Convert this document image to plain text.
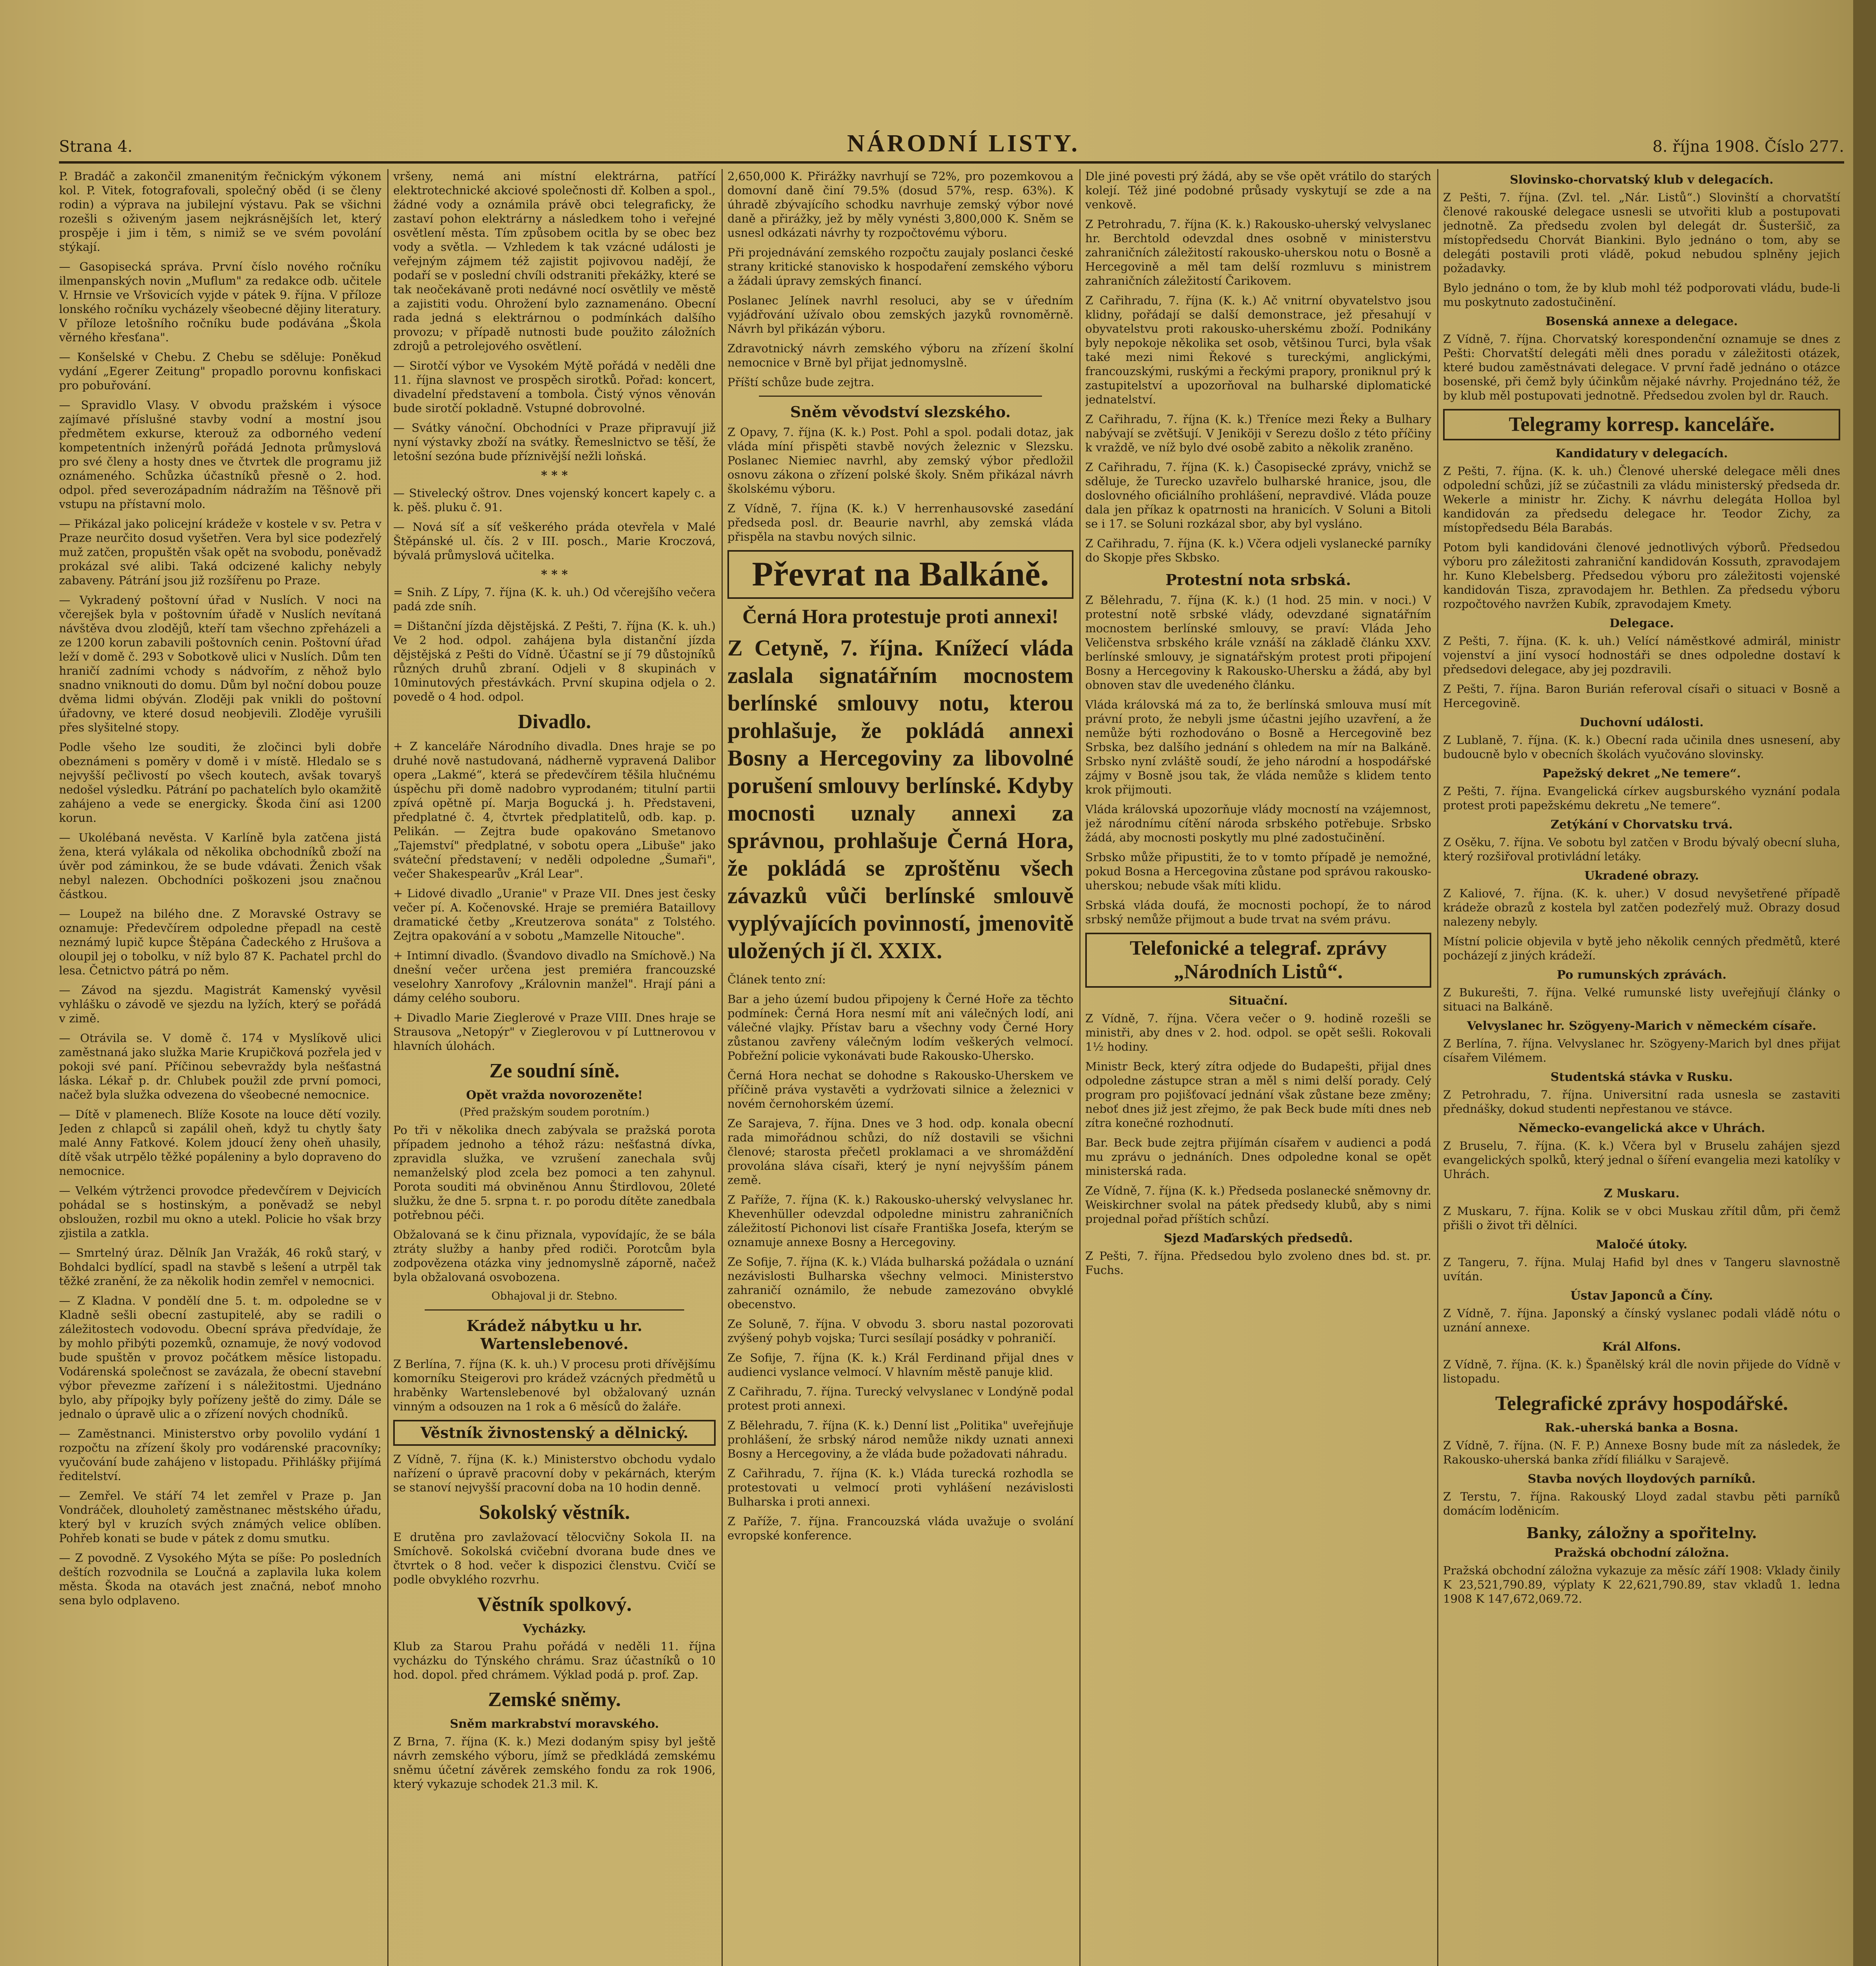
Strana 4.	NÁRODNÍ LISTY.	8. října 1908. Číslo 277.

P. Bradáč a zakončil zmanenitým řečnickým výkonem kol. P. Vitek, fotografovali, společný oběd (i se členy rodin) a výprava na jubilejní výstavu. Pak se všichni rozešli s oživeným jasem nejkrásnějších let, který prospěje i jim i těm, s nimiž se ve svém povolání stýkají.

— Gasopisecká správa. První číslo nového ročníku ilmenpanských novin „Muflum" za redakce odb. učitele V. Hrnsie ve Vršovicích vyjde v pátek 9. října. V příloze lonského ročníku vycházely všeobecné dějiny literatury. V příloze letošního ročníku bude podávána „Škola věrného křesťana".

— Konšelské v Chebu. Z Chebu se sděluje: Poněkud vydání „Egerer Zeitung" propadlo porovnu konfiskaci pro pobuřování.

— Spravidlo Vlasy. V obvodu pražském i výsoce zajímavé příslušné stavby vodní a mostní jsou předmětem exkurse, kterouž za odborného vedení kompetentních inženýrů pořádá Jednota průmyslová pro své členy a hosty dnes ve čtvrtek dle programu již oznámeného. Schůzka účastníků přesně o 2. hod. odpol. před severozápadním nádražím na Těšnově při vstupu na přístavní molo.

— Přikázal jako policejní krádeže v kostele v sv. Petra v Praze neurčito dosud vyšetřen. Vera byl sice podezřelý muž zatčen, propuštěn však opět na svobodu, poněvadž prokázal své alibi. Taká odcizené kalichy nebyly zabaveny. Pátrání jsou již rozšířenu po Praze.

— Vykradený poštovní úřad v Nuslích. V noci na včerejšek byla v poštovním úřadě v Nuslích nevítaná návštěva dvou zlodějů, kteří tam všechno zpřeházeli a ze 1200 korun zabavili poštovních cenin. Poštovní úřad leží v domě č. 293 v Sobotkově ulici v Nuslích. Dům ten hraničí zadními vchody s nádvořím, z něhož bylo snadno vniknouti do domu. Dům byl noční dobou pouze dvěma lidmi obýván. Zloději pak vnikli do poštovní úřadovny, ve které dosud neobjevili. Zloděje vyrušili přes slyšitelné stopy.

Podle všeho lze souditi, že zločinci byli dobře obeznámeni s poměry v domě i v místě. Hledalo se s nejvyšší pečlivostí po všech koutech, avšak tovaryš nedošel výsledku. Pátrání po pachatelích bylo okamžitě zahájeno a vede se energicky. Škoda činí asi 1200 korun.

— Ukolébaná nevěsta. V Karlíně byla zatčena jistá žena, která vylákala od několika obchodníků zboží na úvěr pod záminkou, že se bude vdávati. Ženich však nebyl nalezen. Obchodníci poškozeni jsou značnou částkou.

— Loupež na bilého dne. Z Moravské Ostravy se oznamuje: Předevčírem odpoledne přepadl na cestě neznámý lupič kupce Štěpána Čadeckého z Hrušova a oloupil jej o tobolku, v níž bylo 87 K. Pachatel prchl do lesa. Četnictvo pátrá po něm.

— Závod na sjezdu. Magistrát Kamenský vyvěsil vyhlášku o závodě ve sjezdu na lyžích, který se pořádá v zimě.

— Otrávila se. V domě č. 174 v Myslíkově ulici zaměstnaná jako služka Marie Krupičková pozřela jed v pokoji své paní. Příčinou sebevraždy byla nešťastná láska. Lékař p. dr. Chlubek použil zde první pomoci, načež byla služka odvezena do všeobecné nemocnice.

— Dítě v plamenech. Blíže Kosote na louce dětí vozily. Jeden z chlapců si zapálil oheň, když tu chytly šaty malé Anny Fatkové. Kolem jdoucí ženy oheň uhasily, dítě však utrpělo těžké popáleniny a bylo dopraveno do nemocnice.

— Velkém výtrženci provodce předevčírem v Dejvicích pohádal se s hostinským, a poněvadž se nebyl obsloužen, rozbil mu okno a utekl. Policie ho však brzy zjistila a zatkla.

— Smrtelný úraz. Dělník Jan Vražák, 46 roků starý, v Bohdalci bydlící, spadl na stavbě s lešení a utrpěl tak těžké zranění, že za několik hodin zemřel v nemocnici.

— Z Kladna. V pondělí dne 5. t. m. odpoledne se v Kladně sešli obecní zastupitelé, aby se radili o záležitostech vodovodu. Obecní správa předvídaje, že by mohlo přibýti pozemků, oznamuje, že nový vodovod bude spuštěn v provoz počátkem měsíce listopadu. Vodárenská společnost se zavázala, že obecní stavební výbor převezme zařízení i s náležitostmi. Ujednáno bylo, aby přípojky byly pořízeny ještě do zimy. Dále se jednalo o úpravě ulic a o zřízení nových chodníků.

— Zaměstnanci. Ministerstvo orby povolilo vydání 1 rozpočtu na zřízení školy pro vodárenské pracovníky; vyučování bude zahájeno v listopadu. Přihlášky přijímá ředitelství.

— Zemřel. Ve stáří 74 let zemřel v Praze p. Jan Vondráček, dlouholetý zaměstnanec městského úřadu, který byl v kruzích svých známých velice oblíben. Pohřeb konati se bude v pátek z domu smutku.

— Z povodně. Z Vysokého Mýta se píše: Po posledních deštích rozvodnila se Loučná a zaplavila luka kolem města. Škoda na otavách jest značná, neboť mnoho sena bylo odplaveno.

vršeny, nemá ani místní elektrárna, patřící elektrotechnické akciové společnosti dř. Kolben a spol., žádné vody a oznámila právě obci telegraficky, že zastaví pohon elektrárny a následkem toho i veřejné osvětlení města. Tím způsobem ocitla by se obec bez vody a světla. — Vzhledem k tak vzácné události je veřejným zájmem též zajistit pojivovou nadějí, že podaří se v poslední chvíli odstraniti překážky, které se tak neočekávaně proti nedávné nocí osvětlily ve městě a zajistiti vodu. Ohrožení bylo zaznamenáno. Obecní rada jedná s elektrárnou o podmínkách dalšího provozu; v případě nutnosti bude použito záložních zdrojů a petrolejového osvětlení.

— Sirotčí výbor ve Vysokém Mýtě pořádá v neděli dne 11. října slavnost ve prospěch sirotků. Pořad: koncert, divadelní představení a tombola. Čistý výnos věnován bude sirotčí pokladně. Vstupné dobrovolné.

— Svátky vánoční. Obchodníci v Praze připravují již nyní výstavky zboží na svátky. Řemeslnictvo se těší, že letošní sezóna bude příznivější nežli loňská.

* * *

— Stivelecký oštrov. Dnes vojenský koncert kapely c. a k. pěš. pluku č. 91.

— Nová síť a síť veškerého práda otevřela v Malé Štěpánské ul. čís. 2 v III. posch., Marie Kroczová, bývalá průmyslová učitelka.

* * *

= Snih. Z Lípy, 7. října (K. k. uh.) Od včerejšího večera padá zde sníh.

= Dištanční jízda dějstějská. Z Pešti, 7. října (K. k. uh.) Ve 2 hod. odpol. zahájena byla distanční jízda dějstějská z Pešti do Vídně. Účastní se jí 79 důstojníků různých druhů zbraní. Odjeli v 8 skupinách v 10minutových přestávkách. První skupina odjela o 2. povedě o 4 hod. odpol.

Divadlo.

+ Z kanceláře Národního divadla. Dnes hraje se po druhé nově nastudovaná, nádherně vypravená Dalibor opera „Lakmé“, která se předevčírem těšila hlučnému úspěchu při domě nadobro vyprodaném; titulní partii zpívá opětně pí. Marja Bogucká j. h. Představeni, předplatné č. 4, čtvrtek předplatitelů, odb. kap. p. Pelikán. — Zejtra bude opakováno Smetanovo „Tajemství" předplatné, v sobotu opera „Libuše" jako sváteční představení; v neděli odpoledne „Šumaři", večer Shakespearův „Král Lear".

+ Lidové divadlo „Uranie" v Praze VII. Dnes jest česky večer pí. A. Kočenovské. Hraje se premiéra Bataillovy dramatické četby „Kreutzerova sonáta" z Tolstého. Zejtra opakování a v sobotu „Mamzelle Nitouche".

+ Intimní divadlo. (Švandovo divadlo na Smíchově.) Na dnešní večer určena jest premiéra francouzské veselohry Xanrofovy „Královnin manžel". Hrají páni a dámy celého souboru.

+ Divadlo Marie Zieglerové v Praze VIII. Dnes hraje se Strausova „Netopýr" v Zieglerovou v pí Luttnerovou v hlavních úlohách.

Ze soudní síně.
Opět vražda novorozeněte!
(Před pražským soudem porotním.)

Po tři v několika dnech zabývala se pražská porota případem jednoho a téhož rázu: nešťastná dívka, zpravidla služka, ve vzrušení zanechala svůj nemanželský plod zcela bez pomoci a ten zahynul. Porota souditi má obviněnou Annu Štirdlovou, 20leté služku, že dne 5. srpna t. r. po porodu dítěte zanedbala potřebnou péči.

Obžalovaná se k činu přiznala, vypovídajíc, že se bála ztráty služby a hanby před rodiči. Porotcům byla zodpovězena otázka viny jednomyslně záporně, načež byla obžalovaná osvobozena.

Obhajoval ji dr. Stebno.
Krádež nábytku u hr. Wartenslebenové.

Z Berlína, 7. října (K. k. uh.) V procesu proti dřívějšímu komorníku Steigerovi pro krádež vzácných předmětů u hraběnky Wartenslebenové byl obžalovaný uznán vinným a odsouzen na 1 rok a 6 měsíců do žaláře.

Věstník živnostenský a dělnický.

Z Vídně, 7. října (K. k.) Ministerstvo obchodu vydalo nařízení o úpravě pracovní doby v pekárnách, kterým se stanoví nejvyšší pracovní doba na 10 hodin denně.

Sokolský věstník.

E drutěna pro zavlažovací tělocvičny Sokola II. na Smíchově. Sokolská cvičební dvorana bude dnes ve čtvrtek o 8 hod. večer k dispozici členstvu. Cvičí se podle obvyklého rozvrhu.

Věstník spolkový.
Vycházky.

Klub za Starou Prahu pořádá v neděli 11. října vycházku do Týnského chrámu. Sraz účastníků o 10 hod. dopol. před chrámem. Výklad podá p. prof. Zap.

Zemské sněmy.
Sněm markrabství moravského.

Z Brna, 7. října (K. k.) Mezi dodaným spisy byl ještě návrh zemského výboru, jímž se předkládá zemskému sněmu účetní závěrek zemského fondu za rok 1906, který vykazuje schodek 21.3 mil. K.

2,650,000 K. Přirážky navrhují se 72%, pro pozemkovou a domovní daně činí 79.5% (dosud 57%, resp. 63%). K úhradě zbývajícího schodku navrhuje zemský výbor nové daně a přirážky, jež by měly vynésti 3,800,000 K. Sněm se usnesl odkázati návrhy ty rozpočtovému výboru.

Při projednávání zemského rozpočtu zaujaly poslanci české strany kritické stanovisko k hospodaření zemského výboru a žádali úpravy zemských financí.

Poslanec Jelínek navrhl resoluci, aby se v úředním vyjádřování užívalo obou zemských jazyků rovnoměrně. Návrh byl přikázán výboru.

Zdravotnický návrh zemského výboru na zřízení školní nemocnice v Brně byl přijat jednomyslně.

Příští schůze bude zejtra.

Sněm věvodství slezského.

Z Opavy, 7. října (K. k.) Post. Pohl a spol. podali dotaz, jak vláda míní přispěti stavbě nových železnic v Slezsku. Poslanec Niemiec navrhl, aby zemský výbor předložil osnovu zákona o zřízení polské školy. Sněm přikázal návrh školskému výboru.

Z Vídně, 7. října (K. k.) V herrenhausovské zasedání předseda posl. dr. Beaurie navrhl, aby zemská vláda přispěla na stavbu nových silnic.

Převrat na Balkáně.
Černá Hora protestuje proti annexi!
Z Cetyně, 7. října. Knížecí vláda zaslala signatářním mocnostem berlínské smlouvy notu, kterou prohlašuje, že pokládá annexi Bosny a Hercegoviny za libovolné porušení smlouvy berlínské. Kdyby mocnosti uznaly annexi za správnou, prohlašuje Černá Hora, že pokládá se zproštěnu všech závazků vůči berlínské smlouvě vyplývajících povinností, jmenovitě uložených jí čl. XXIX.

Článek tento zní:

Bar a jeho území budou připojeny k Černé Hoře za těchto podmínek: Černá Hora nesmí mít ani válečných lodí, ani válečné vlajky. Přístav baru a všechny vody Černé Hory zůstanou zavřeny válečným lodím veškerých velmocí. Pobřežní policie vykonávati bude Rakousko-Uhersko.

Černá Hora nechat se dohodne s Rakousko-Uherskem ve příčině práva vystavěti a vydržovati silnice a železnici v novém černohorském území.

Ze Sarajeva, 7. října. Dnes ve 3 hod. odp. konala obecní rada mimořádnou schůzi, do níž dostavili se všichni členové; starosta přečetl proklamaci a ve shromáždění provolána sláva císaři, který je nyní nejvyšším pánem země.

Z Paříže, 7. října (K. k.) Rakousko-uherský velvyslanec hr. Khevenhüller odevzdal odpoledne ministru zahraničních záležitostí Pichonovi list císaře Františka Josefa, kterým se oznamuje annexe Bosny a Hercegoviny.

Ze Sofije, 7. října (K. k.) Vláda bulharská požádala o uznání nezávislosti Bulharska všechny velmoci. Ministerstvo zahraničí oznámilo, že nebude zamezováno obvyklé obecenstvo.

Ze Soluně, 7. října. V obvodu 3. sboru nastal pozorovati zvýšený pohyb vojska; Turci sesílají posádky v pohraničí.

Ze Sofije, 7. října (K. k.) Král Ferdinand přijal dnes v audienci vyslance velmocí. V hlavním městě panuje klid.

Z Cařihradu, 7. října. Turecký velvyslanec v Londýně podal protest proti annexi.

Z Bělehradu, 7. října (K. k.) Denní list „Politika" uveřejňuje prohlášení, že srbský národ nemůže nikdy uznati annexi Bosny a Hercegoviny, a že vláda bude požadovati náhradu.

Z Cařihradu, 7. října (K. k.) Vláda turecká rozhodla se protestovati u velmocí proti vyhlášení nezávislosti Bulharska i proti annexi.

Z Paříže, 7. října. Francouzská vláda uvažuje o svolání evropské konference.

Dle jiné povesti prý žádá, aby se vše opět vrátilo do starých kolejí. Též jiné podobné průsady vyskytují se zde a na venkově.

Z Petrohradu, 7. října (K. k.) Rakousko-uherský velvyslanec hr. Berchtold odevzdal dnes osobně v ministerstvu zahraničních záležitostí rakousko-uherskou notu o Bosně a Hercegovině a měl tam delší rozmluvu s ministrem zahraničních záležitostí Čarikovem.

Z Cařihradu, 7. října (K. k.) Ač vnitrní obyvatelstvo jsou klidny, pořádají se další demonstrace, jež přesahují v obyvatelstvu proti rakousko-uherskému zboží. Podnikány byly nepokoje několika set osob, většinou Turci, byla však také mezi nimi Řekové s tureckými, anglickými, francouzskými, ruskými a řeckými prapory, proniknul prý k zastupitelství a upozorňoval na bulharské diplomatické jednatelství.

Z Cařihradu, 7. října (K. k.) Třeníce mezi Řeky a Bulhary nabývají se zvětšují. V Jeniköji v Serezu došlo z této příčiny k vraždě, ve níž bylo dvé osobě zabito a několik zraněno.

Z Cařihradu, 7. října (K. k.) Časopisecké zprávy, vnichž se sděluje, že Turecko uzavřelo bulharské hranice, jsou, dle doslovného oficiálního prohlášení, nepravdivé. Vláda pouze dala jen příkaz k opatrnosti na hranicích. V Soluni a Bitoli se i 17. se Soluni rozkázal sbor, aby byl vysláno.

Z Cařihradu, 7. října (K. k.) Včera odjeli vyslanecké parníky do Skopje přes Skbsko.

Protestní nota srbská.

Z Bělehradu, 7. října (K. k.) (1 hod. 25 min. v noci.) V protestní notě srbské vlády, odevzdané signatářním mocnostem berlínské smlouvy, se praví: Vláda Jeho Veličenstva srbského krále vznáší na základě článku XXV. berlínské smlouvy, je signatářským protest proti připojení Bosny a Hercegoviny k Rakousko-Uhersku a žádá, aby byl obnoven stav dle uvedeného článku.

Vláda královská má za to, že berlínská smlouva musí mít právní proto, že nebyli jsme účastni jejího uzavření, a že nemůže býti rozhodováno o Bosně a Hercegovině bez Srbska, bez dalšího jednání s ohledem na mír na Balkáně. Srbsko nyní zvláště soudí, že jeho národní a hospodářské zájmy v Bosně jsou tak, že vláda nemůže s klidem tento krok přijmouti.

Vláda královská upozorňuje vlády mocností na vzájemnost, jež národnímu cítění národa srbského potřebuje. Srbsko žádá, aby mocnosti poskytly mu plné zadostučinění.

Srbsko může připustiti, že to v tomto případě je nemožné, pokud Bosna a Hercegovina zůstane pod správou rakousko-uherskou; nebude však míti klidu.

Srbská vláda doufá, že mocnosti pochopí, že to národ srbský nemůže přijmout a bude trvat na svém právu.

Telefonické a telegraf. zprávy „Národních Listů“.
Situační.

Z Vídně, 7. října. Včera večer o 9. hodině rozešli se ministři, aby dnes v 2. hod. odpol. se opět sešli. Rokovali 1½ hodiny.

Ministr Beck, který zítra odjede do Budapešti, přijal dnes odpoledne zástupce stran a měl s nimi delší porady. Celý program pro pojišťovací jednání však zůstane beze změny; neboť dnes již jest zřejmo, že pak Beck bude míti dnes neb zítra konečné rozhodnutí.

Bar. Beck bude zejtra přijímán císařem v audienci a podá mu zprávu o jednáních. Dnes odpoledne konal se opět ministerská rada.

Ze Vídně, 7. října (K. k.) Předseda poslanecké sněmovny dr. Weiskirchner svolal na pátek předsedy klubů, aby s nimi projednal pořad příštích schůzí.

Sjezd Maďarských předsedů.

Z Pešti, 7. října. Předsedou bylo zvoleno dnes bd. st. pr. Fuchs.

Slovinsko-chorvatský klub v delegacích.

Z Pešti, 7. října. (Zvl. tel. „Nár. Listů“.) Slovinští a chorvatští členové rakouské delegace usnesli se utvořiti klub a postupovati jednotně. Za předsedu zvolen byl delegát dr. Šusteršič, za místopředsedu Chorvát Biankini. Bylo jednáno o tom, aby se delegáti postavili proti vládě, pokud nebudou splněny jejich požadavky.

Bylo jednáno o tom, že by klub mohl též podporovati vládu, bude-li mu poskytnuto zadostučinění.

Bosenská annexe a delegace.

Z Vídně, 7. října. Chorvatský korespondenční oznamuje se dnes z Pešti: Chorvatští delegáti měli dnes poradu v záležitosti otázek, které budou zaměstnávati delegace. V první řadě jednáno o otázce bosenské, při čemž byly účinkům nějaké návrhy. Projednáno též, že by klub měl postupovati jednotně. Předsedou zvolen byl dr. Rauch.

Telegramy korresp. kanceláře.
Kandidatury v delegacích.

Z Pešti, 7. října. (K. k. uh.) Členové uherské delegace měli dnes odpolední schůzi, jíž se zúčastnili za vládu ministerský předseda dr. Wekerle a ministr hr. Zichy. K návrhu delegáta Holloa byl kandidován za předsedu delegace hr. Teodor Zichy, za místopředsedu Béla Barabás.

Potom byli kandidováni členové jednotlivých výborů. Předsedou výboru pro záležitosti zahraniční kandidován Kossuth, zpravodajem hr. Kuno Klebelsberg. Předsedou výboru pro záležitosti vojenské kandidován Tisza, zpravodajem hr. Bethlen. Za předsedu výboru rozpočtového navržen Kubík, zpravodajem Kmety.

Delegace.

Z Pešti, 7. října. (K. k. uh.) Velící náměstkové admirál, ministr vojenství a jiní vysocí hodnostáři se dnes odpoledne dostaví k předsedovi delegace, aby jej pozdravili.

Z Pešti, 7. října. Baron Burián referoval císaři o situaci v Bosně a Hercegovině.

Duchovní události.

Z Lublaně, 7. října. (K. k.) Obecní rada učinila dnes usnesení, aby budoucně bylo v obecních školách vyučováno slovinsky.

Papežský dekret „Ne temere“.

Z Pešti, 7. října. Evangelická církev augsburského vyznání podala protest proti papežskému dekretu „Ne temere“.

Zetýkání v Chorvatsku trvá.

Z Osěku, 7. října. Ve sobotu byl zatčen v Brodu bývalý obecní sluha, který rozšiřoval protivládní letáky.

Ukradené obrazy.

Z Kaliové, 7. října. (K. k. uher.) V dosud nevyšetřené případě krádeže obrazů z kostela byl zatčen podezřelý muž. Obrazy dosud nalezeny nebyly.

Místní policie objevila v bytě jeho několik cenných předmětů, které pocházejí z jiných krádeží.

Po rumunských zprávách.

Z Bukurešti, 7. října. Velké rumunské listy uveřejňují články o situaci na Balkáně.

Velvyslanec hr. Szögyeny-Marich v německém císaře.

Z Berlína, 7. října. Velvyslanec hr. Szögyeny-Marich byl dnes přijat císařem Vilémem.

Studentská stávka v Rusku.

Z Petrohradu, 7. října. Universitní rada usnesla se zastaviti přednášky, dokud studenti nepřestanou ve stávce.

Německo-evangelická akce v Uhrách.

Z Bruselu, 7. října. (K. k.) Včera byl v Bruselu zahájen sjezd evangelických spolků, který jednal o šíření evangelia mezi katolíky v Uhrách.

Z Muskaru.

Z Muskaru, 7. října. Kolik se v obci Muskau zřítil dům, při čemž přišli o život tři dělníci.

Maločé útoky.

Z Tangeru, 7. října. Mulaj Hafid byl dnes v Tangeru slavnostně uvítán.

Ústav Japonců a Číny.

Z Vídně, 7. října. Japonský a čínský vyslanec podali vládě nótu o uznání annexe.

Král Alfons.

Z Vídně, 7. října. (K. k.) Španělský král dle novin přijede do Vídně v listopadu.

Telegrafické zprávy hospodářské.
Rak.-uherská banka a Bosna.

Z Vídně, 7. října. (N. F. P.) Annexe Bosny bude mít za následek, že Rakousko-uherská banka zřídí filiálku v Sarajevě.

Stavba nových lloydových parníků.

Z Terstu, 7. října. Rakouský Lloyd zadal stavbu pěti parníků domácím loděnicím.

Banky, záložny a spořitelny.
Pražská obchodní záložna.

Pražská obchodní záložna vykazuje za měsíc září 1908: Vklady činily K 23,521,790.89, výplaty K 22,621,790.89, stav vkladů 1. ledna 1908 K 147,672,069.72.
